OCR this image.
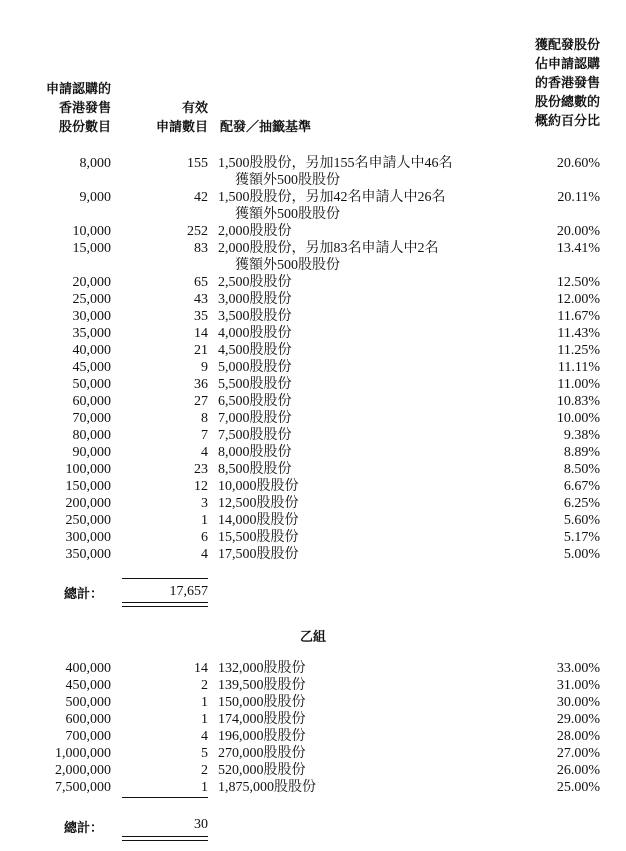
申請認購的
香港發售
股份數目
有效
申請數目 配發／抽籤基準
獲配發股份
佔申請認購
的香港發售
股份總數的
概約百分比
8,000	155 1,500股股份，另加155名申請人中46名	20.60%
獲額外500股股份
9,000	42 1,500股股份，另加42名申請人中26名	20.11%
獲額外500股股份
10,000	252 2,000股股份	20.00%
15,000	83 2,000股股份，另加83名申請人中2名	13.41%
獲額外500股股份
20,000	65 2,500股股份	12.50%
25,000	43 3,000股股份	12.00%
30,000	35 3,500股股份	11.67%
35,000	14 4,000股股份	11.43%
40,000	21 4,500股股份	11.25%
45,000	9 5,000股股份	11.11%
50,000	36 5,500股股份	11.00%
60,000	27 6,500股股份	10.83%
70,000	8 7,000股股份	10.00%
80,000	7 7,500股股份	9.38%
90,000	4 8,000股股份	8.89%
100,000	23 8,500股股份	8.50%
150,000	12 10,000股股份	6.67%
200,000	3 12,500股股份	6.25%
250,000	1 14,000股股份	5.60%
300,000	6 15,500股股份	5.17%
350,000	4 17,500股股份	5.00%
總計：	17,657
乙組
400,000	14 132,000股股份	33.00%
450,000	2 139,500股股份	31.00%
500,000	1 150,000股股份	30.00%
600,000	1 174,000股股份	29.00%
700,000	4 196,000股股份	28.00%
1,000,000	5 270,000股股份	27.00%
2,000,000	2 520,000股股份	26.00%
7,500,000	1 1,875,000股股份	25.00%
總計：	30
